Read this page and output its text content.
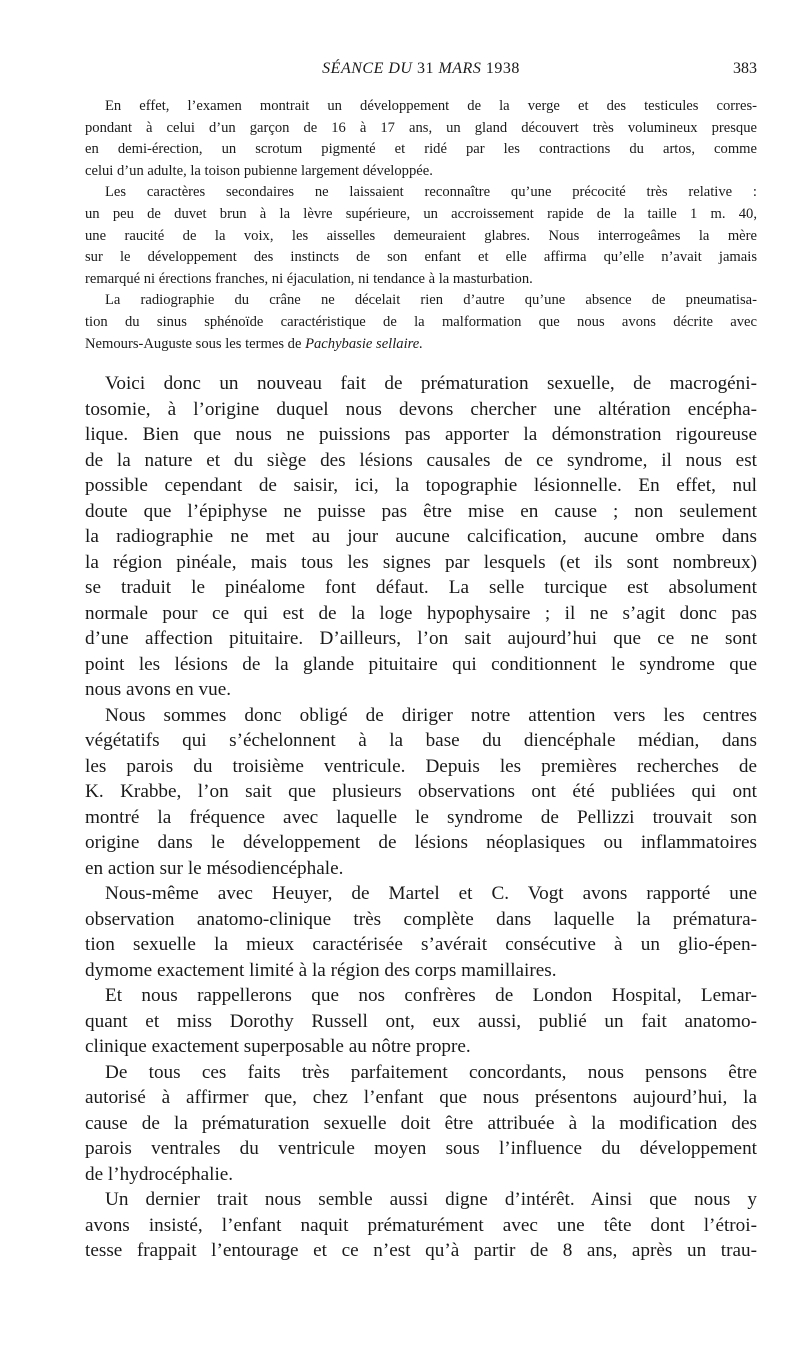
SÉANCE DU 31 MARS 1938	383
En effet, l’examen montrait un développement de la verge et des testicules corres-
pondant à celui d’un garçon de 16 à 17 ans, un gland découvert très volumineux presque
en demi-érection, un scrotum pigmenté et ridé par les contractions du artos, comme
celui d’un adulte, la toison pubienne largement développée.
Les caractères secondaires ne laissaient reconnaître qu’une précocité très relative :
un peu de duvet brun à la lèvre supérieure, un accroissement rapide de la taille 1 m. 40,
une raucité de la voix, les aisselles demeuraient glabres. Nous interrogeâmes la mère
sur le développement des instincts de son enfant et elle affirma qu’elle n’avait jamais
remarqué ni érections franches, ni éjaculation, ni tendance à la masturbation.
La radiographie du crâne ne décelait rien d’autre qu’une absence de pneumatisa-
tion du sinus sphénoïde caractéristique de la malformation que nous avons décrite avec
Nemours-Auguste sous les termes de Pachybasie sellaire.
Voici donc un nouveau fait de prématuration sexuelle, de macrogéni-
tosomie, à l’origine duquel nous devons chercher une altération encépha-
lique. Bien que nous ne puissions pas apporter la démonstration rigoureuse
de la nature et du siège des lésions causales de ce syndrome, il nous est
possible cependant de saisir, ici, la topographie lésionnelle. En effet, nul
doute que l’épiphyse ne puisse pas être mise en cause ; non seulement
la radiographie ne met au jour aucune calcification, aucune ombre dans
la région pinéale, mais tous les signes par lesquels (et ils sont nombreux)
se traduit le pinéalome font défaut. La selle turcique est absolument
normale pour ce qui est de la loge hypophysaire ; il ne s’agit donc pas
d’une affection pituitaire. D’ailleurs, l’on sait aujourd’hui que ce ne sont
point les lésions de la glande pituitaire qui conditionnent le syndrome que
nous avons en vue.
Nous sommes donc obligé de diriger notre attention vers les centres
végétatifs qui s’échelonnent à la base du diencéphale médian, dans
les parois du troisième ventricule. Depuis les premières recherches de
K. Krabbe, l’on sait que plusieurs observations ont été publiées qui ont
montré la fréquence avec laquelle le syndrome de Pellizzi trouvait son
origine dans le développement de lésions néoplasiques ou inflammatoires
en action sur le mésodiencéphale.
Nous-même avec Heuyer, de Martel et C. Vogt avons rapporté une
observation anatomo-clinique très complète dans laquelle la prématura-
tion sexuelle la mieux caractérisée s’avérait consécutive à un glio-épen-
dymome exactement limité à la région des corps mamillaires.
Et nous rappellerons que nos confrères de London Hospital, Lemar-
quant et miss Dorothy Russell ont, eux aussi, publié un fait anatomo-
clinique exactement superposable au nôtre propre.
De tous ces faits très parfaitement concordants, nous pensons être
autorisé à affirmer que, chez l’enfant que nous présentons aujourd’hui, la
cause de la prématuration sexuelle doit être attribuée à la modification des
parois ventrales du ventricule moyen sous l’influence du développement
de l’hydrocéphalie.
Un dernier trait nous semble aussi digne d’intérêt. Ainsi que nous y
avons insisté, l’enfant naquit prématurément avec une tête dont l’étroi-
tesse frappait l’entourage et ce n’est qu’à partir de 8 ans, après un trau-
